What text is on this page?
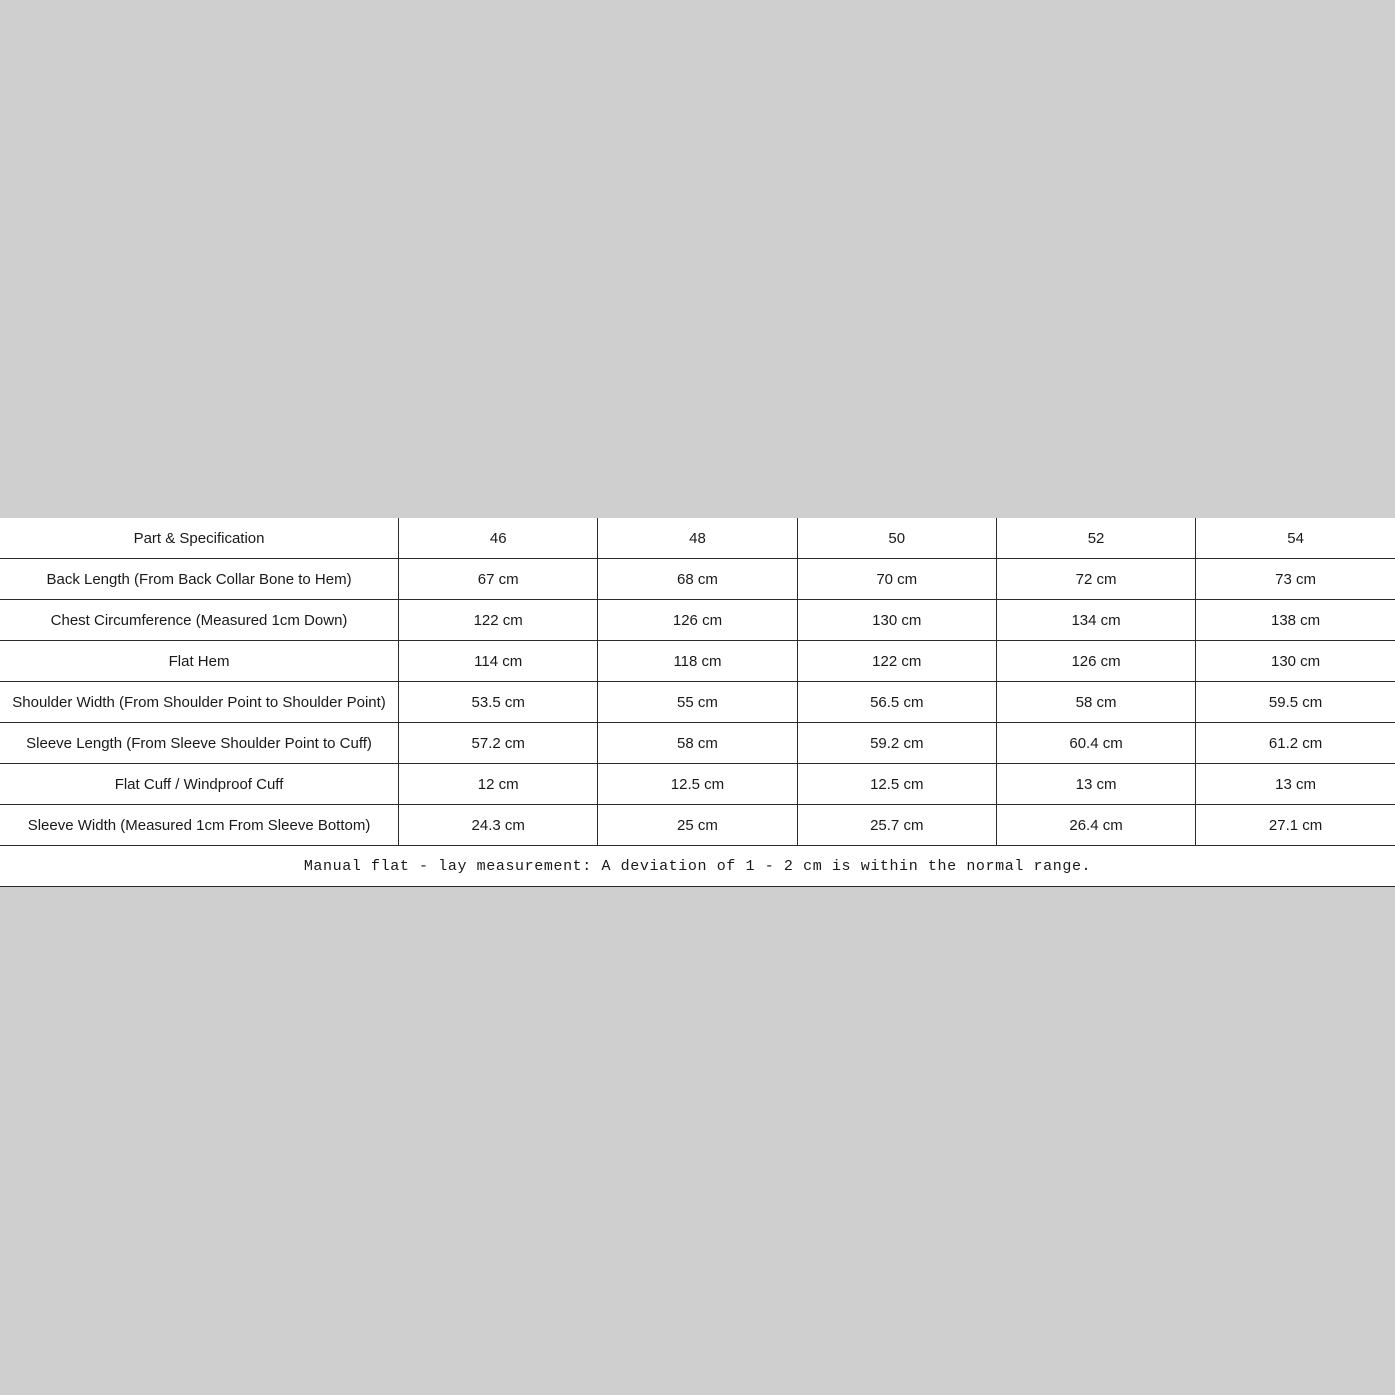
Part & Specification	46	48	50	52	54
Back Length (From Back Collar Bone to Hem)	67 cm	68 cm	70 cm	72 cm	73 cm
Chest Circumference (Measured 1cm Down)	122 cm	126 cm	130 cm	134 cm	138 cm
Flat Hem	114 cm	118 cm	122 cm	126 cm	130 cm
Shoulder Width (From Shoulder Point to Shoulder Point)	53.5 cm	55 cm	56.5 cm	58 cm	59.5 cm
Sleeve Length (From Sleeve Shoulder Point to Cuff)	57.2 cm	58 cm	59.2 cm	60.4 cm	61.2 cm
Flat Cuff / Windproof Cuff	12 cm	12.5 cm	12.5 cm	13 cm	13 cm
Sleeve Width (Measured 1cm From Sleeve Bottom)	24.3 cm	25 cm	25.7 cm	26.4 cm	27.1 cm
Manual flat - lay measurement: A deviation of 1 - 2 cm is within the normal range.					
